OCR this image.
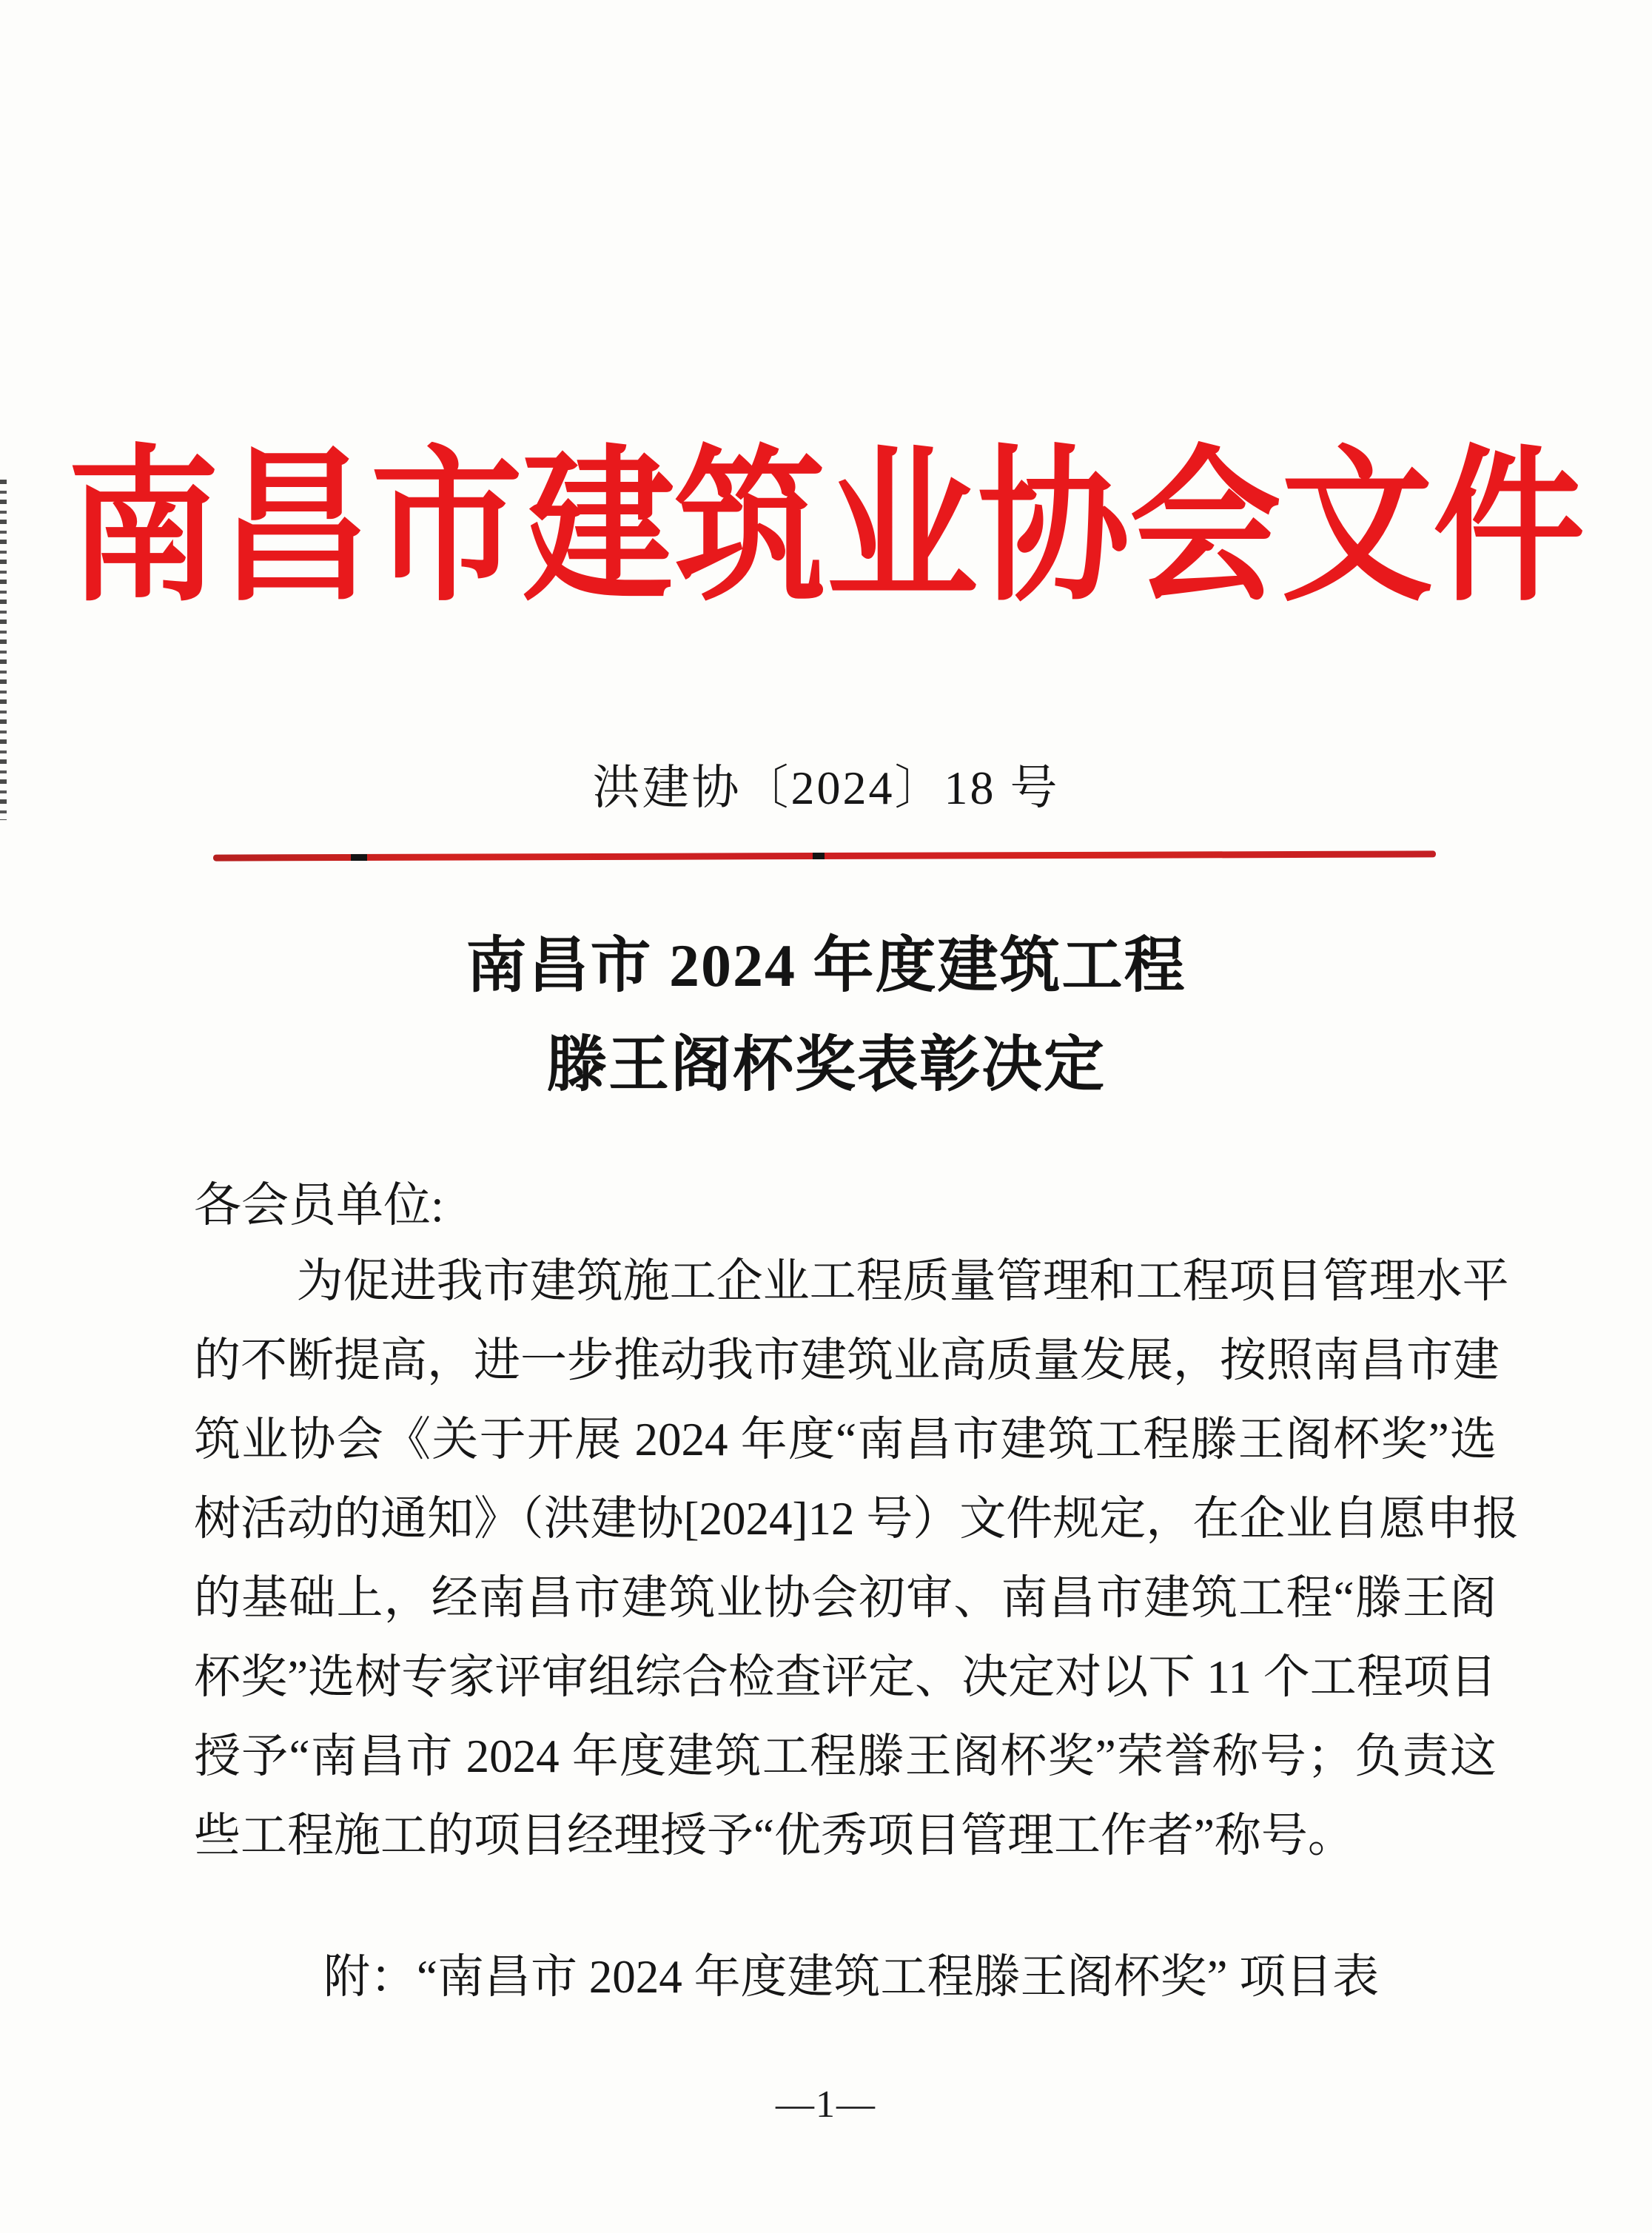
南昌市建筑业协会文件
洪建协〔2024〕18 号
南昌市 2024 年度建筑工程
滕王阁杯奖表彰决定
各会员单位:
为促进我市建筑施工企业工程质量管理和工程项目管理水平
的不断提高，进一步推动我市建筑业高质量发展，按照南昌市建
筑业协会《关于开展 2024 年度“南昌市建筑工程滕王阁杯奖”选
树活动的通知》（洪建协[2024]12 号）文件规定，在企业自愿申报
的基础上，经南昌市建筑业协会初审、南昌市建筑工程“滕王阁
杯奖”选树专家评审组综合检查评定、决定对以下 11 个工程项目
授予“南昌市 2024 年度建筑工程滕王阁杯奖”荣誉称号；负责这
些工程施工的项目经理授予“优秀项目管理工作者”称号。
附：“南昌市 2024 年度建筑工程滕王阁杯奖” 项目表
—1—
